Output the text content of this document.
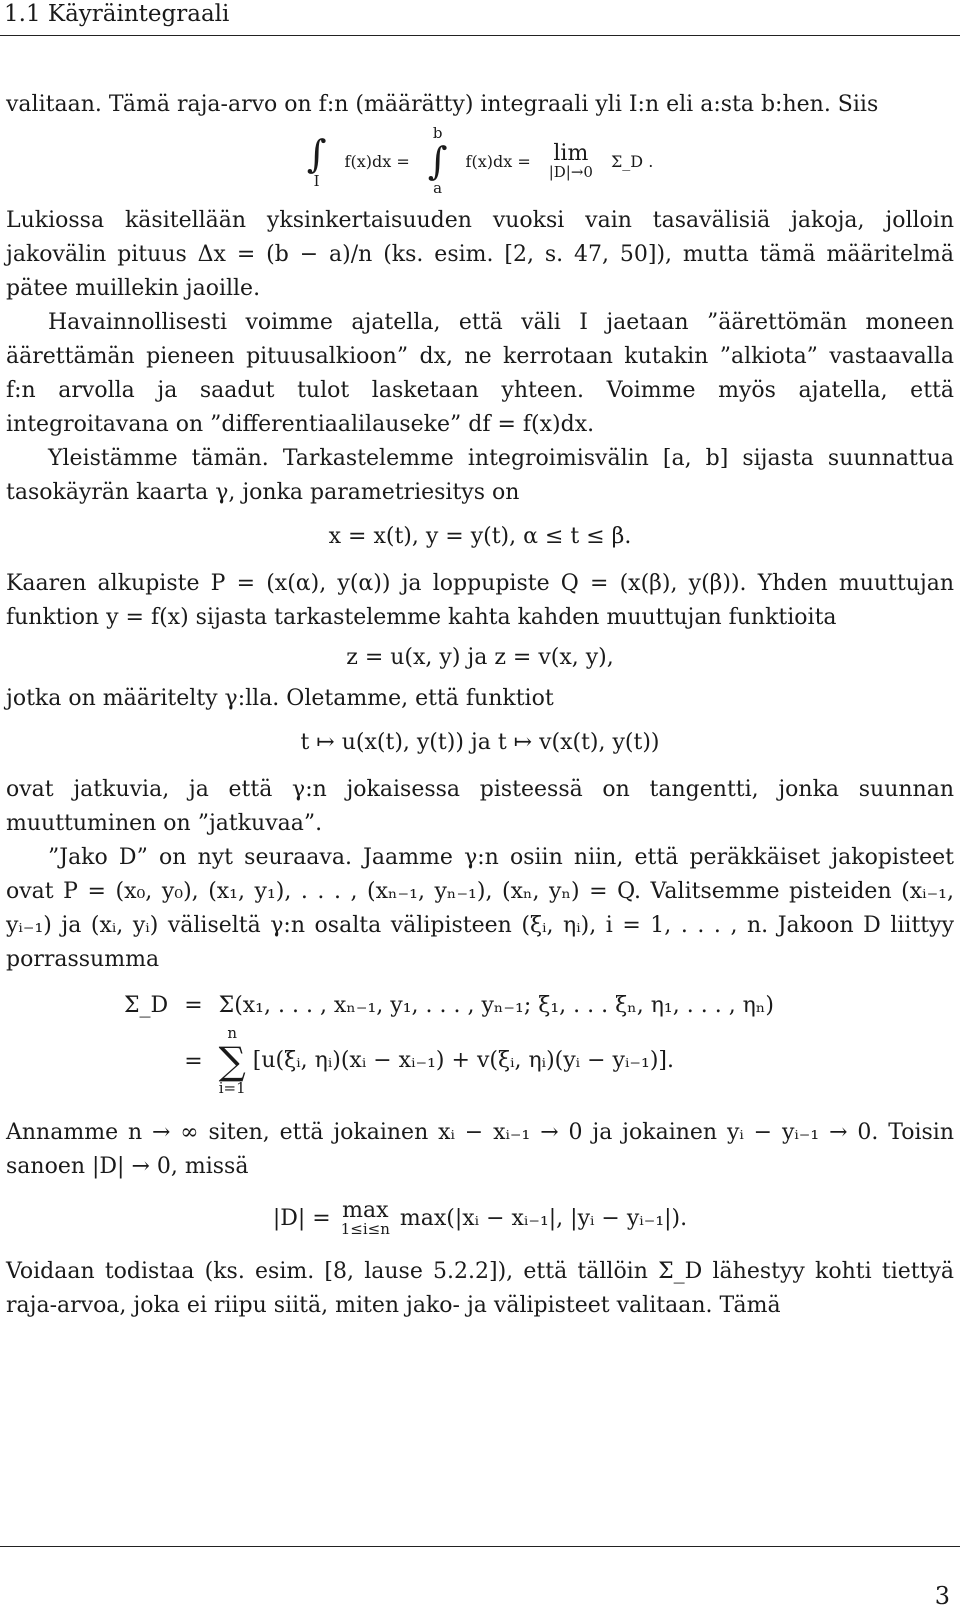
1.1 Käyräintegraali

valitaan. Tämä raja-arvo on f:n (määrätty) integraali yli I:n eli a:sta b:hen. Siis

∫
I
f(x)dx =
b
∫
a
f(x)dx = lim
|D|→0
Σ_D .

Lukiossa käsitellään yksinkertaisuuden vuoksi vain tasavälisiä jakoja, jolloin jakovälin pituus Δx = (b − a)/n (ks. esim. [2, s. 47, 50]), mutta tämä määritelmä pätee muillekin jaoille.

Havainnollisesti voimme ajatella, että väli I jaetaan ”äärettömän moneen äärettämän pieneen pituusalkioon” dx, ne kerrotaan kutakin ”alkiota” vastaavalla f:n arvolla ja saadut tulot lasketaan yhteen. Voimme myös ajatella, että integroitavana on ”differentiaalilauseke” df = f(x)dx.

Yleistämme tämän. Tarkastelemme integroimisvälin [a, b] sijasta suunnattua tasokäyrän kaarta γ, jonka parametriesitys on

x = x(t), y = y(t), α ≤ t ≤ β.

Kaaren alkupiste P = (x(α), y(α)) ja loppupiste Q = (x(β), y(β)). Yhden muuttujan funktion y = f(x) sijasta tarkastelemme kahta kahden muuttujan funktioita

z = u(x, y) ja z = v(x, y),

jotka on määritelty γ:lla. Oletamme, että funktiot

t ↦ u(x(t), y(t)) ja t ↦ v(x(t), y(t))

ovat jatkuvia, ja että γ:n jokaisessa pisteessä on tangentti, jonka suunnan muuttuminen on ”jatkuvaa”.

”Jako D” on nyt seuraava. Jaamme γ:n osiin niin, että peräkkäiset jakopisteet ovat P = (x₀, y₀), (x₁, y₁), . . . , (xₙ₋₁, yₙ₋₁), (xₙ, yₙ) = Q. Valitsemme pisteiden (xᵢ₋₁, yᵢ₋₁) ja (xᵢ, yᵢ) väliseltä γ:n osalta välipisteen (ξᵢ, ηᵢ), i = 1, . . . , n. Jakoon D liittyy porrassumma

Σ_D	=	Σ(x₁, . . . , xₙ₋₁, y₁, . . . , yₙ₋₁; ξ₁, . . . ξₙ, η₁, . . . , ηₙ)
	=	n
∑
i=1
[u(ξᵢ, ηᵢ)(xᵢ − xᵢ₋₁) + v(ξᵢ, ηᵢ)(yᵢ − yᵢ₋₁)].

Annamme n → ∞ siten, että jokainen xᵢ − xᵢ₋₁ → 0 ja jokainen yᵢ − yᵢ₋₁ → 0. Toisin sanoen |D| → 0, missä

|D| = max
1≤i≤n max(|xᵢ − xᵢ₋₁|, |yᵢ − yᵢ₋₁|).

Voidaan todistaa (ks. esim. [8, lause 5.2.2]), että tällöin Σ_D lähestyy kohti tiettyä raja-arvoa, joka ei riipu siitä, miten jako- ja välipisteet valitaan. Tämä

3
